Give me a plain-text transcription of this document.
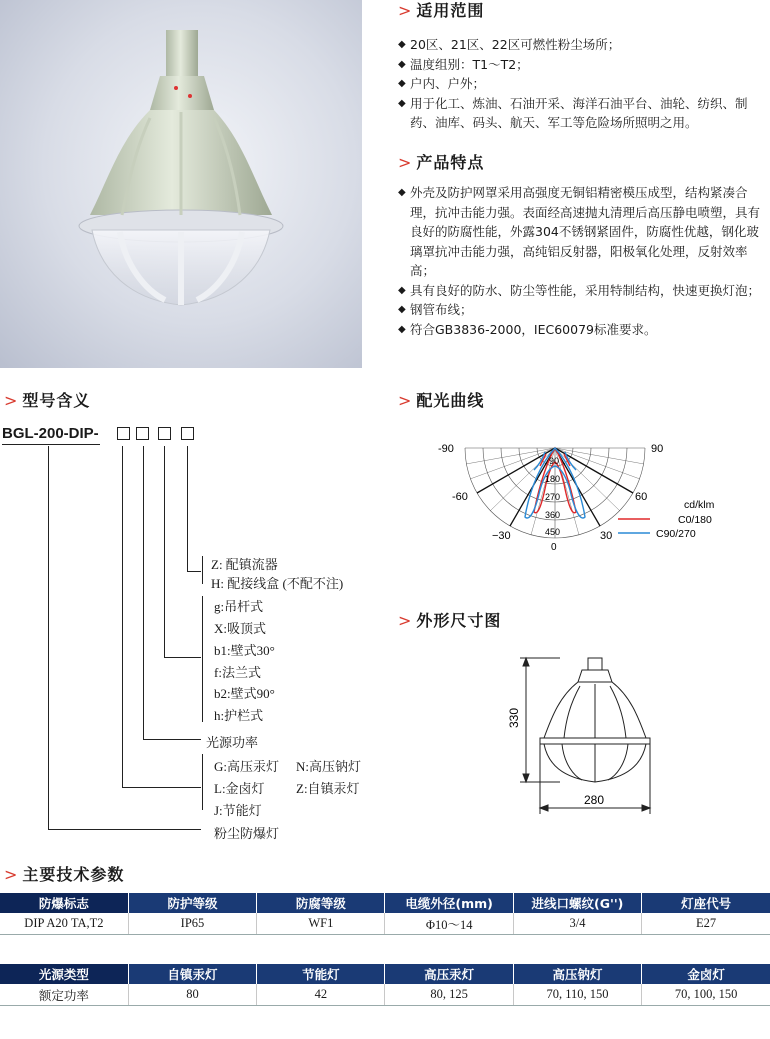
> 适用范围
◆ 20区、21区、22区可燃性粉尘场所；
◆ 温度组别：T1～T2；
◆ 户内、户外；
◆ 用于化工、炼油、石油开采、海洋石油平台、油轮、纺织、制药、油库、码头、航天、军工等危险场所照明之用。
> 产品特点
◆ 外壳及防护网罩采用高强度无铜铝精密模压成型，结构紧凑合理，抗冲击能力强。表面经高速抛丸清理后高压静电喷塑，具有良好的防腐性能，外露304不锈钢紧固件，防腐性优越，钢化玻璃罩抗冲击能力强，高纯铝反射器，阳极氧化处理，反射效率高；
◆ 具有良好的防水、防尘等性能，采用特制结构，快速更换灯泡；
◆ 钢管布线；
◆ 符合GB3836-2000，IEC60079标准要求。
> 型号含义
BGL-200-DIP-
Z: 配镇流器
H: 配接线盒 (不配不注)
g:吊杆式
X:吸顶式
b1:壁式30°
f:法兰式
b2:壁式90°
h:护栏式
光源功率
G:高压汞灯 N:高压钠灯
L:金卤灯 Z:自镇汞灯
J:节能灯
粉尘防爆灯
> 配光曲线
-90	90
-60	60
−30	30
0
90
180
270
360
450
cd/klm
C0/180
C90/270
> 外形尺寸图
330
280
> 主要技术参数
防爆标志	防护等级	防腐等级	电缆外径(mm)	进线口螺纹(G'')	灯座代号
DIP A20 TA,T2	IP65	WF1	Φ10～14	3/4	E27
光源类型	自镇汞灯	节能灯	高压汞灯	高压钠灯	金卤灯
额定功率	80	42	80, 125	70, 110, 150	70, 100, 150
